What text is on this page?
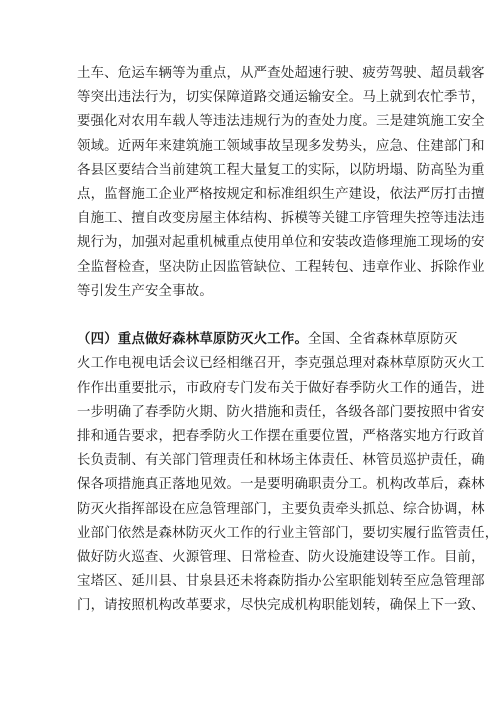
土车、危运车辆等为重点，从严查处超速行驶、疲劳驾驶、超员载客
等突出违法行为，切实保障道路交通运输安全。马上就到农忙季节，
要强化对农用车载人等违法违规行为的查处力度。三是建筑施工安全
领域。近两年来建筑施工领域事故呈现多发势头，应急、住建部门和
各县区要结合当前建筑工程大量复工的实际，以防坍塌、防高坠为重
点，监督施工企业严格按规定和标准组织生产建设，依法严厉打击擅
自施工、擅自改变房屋主体结构、拆模等关键工序管理失控等违法违
规行为，加强对起重机械重点使用单位和安装改造修理施工现场的安
全监督检查，坚决防止因监管缺位、工程转包、违章作业、拆除作业
等引发生产安全事故。
（四）重点做好森林草原防灭火工作。全国、全省森林草原防灭
火工作电视电话会议已经相继召开，李克强总理对森林草原防灭火工
作作出重要批示，市政府专门发布关于做好春季防火工作的通告，进
一步明确了春季防火期、防火措施和责任，各级各部门要按照中省安
排和通告要求，把春季防火工作摆在重要位置，严格落实地方行政首
长负责制、有关部门管理责任和林场主体责任、林管员巡护责任，确
保各项措施真正落地见效。一是要明确职责分工。机构改革后，森林
防灭火指挥部设在应急管理部门，主要负责牵头抓总、综合协调，林
业部门依然是森林防灭火工作的行业主管部门，要切实履行监管责任，
做好防火巡查、火源管理、日常检查、防火设施建设等工作。目前，
宝塔区、延川县、甘泉县还未将森防指办公室职能划转至应急管理部
门，请按照机构改革要求，尽快完成机构职能划转，确保上下一致、
